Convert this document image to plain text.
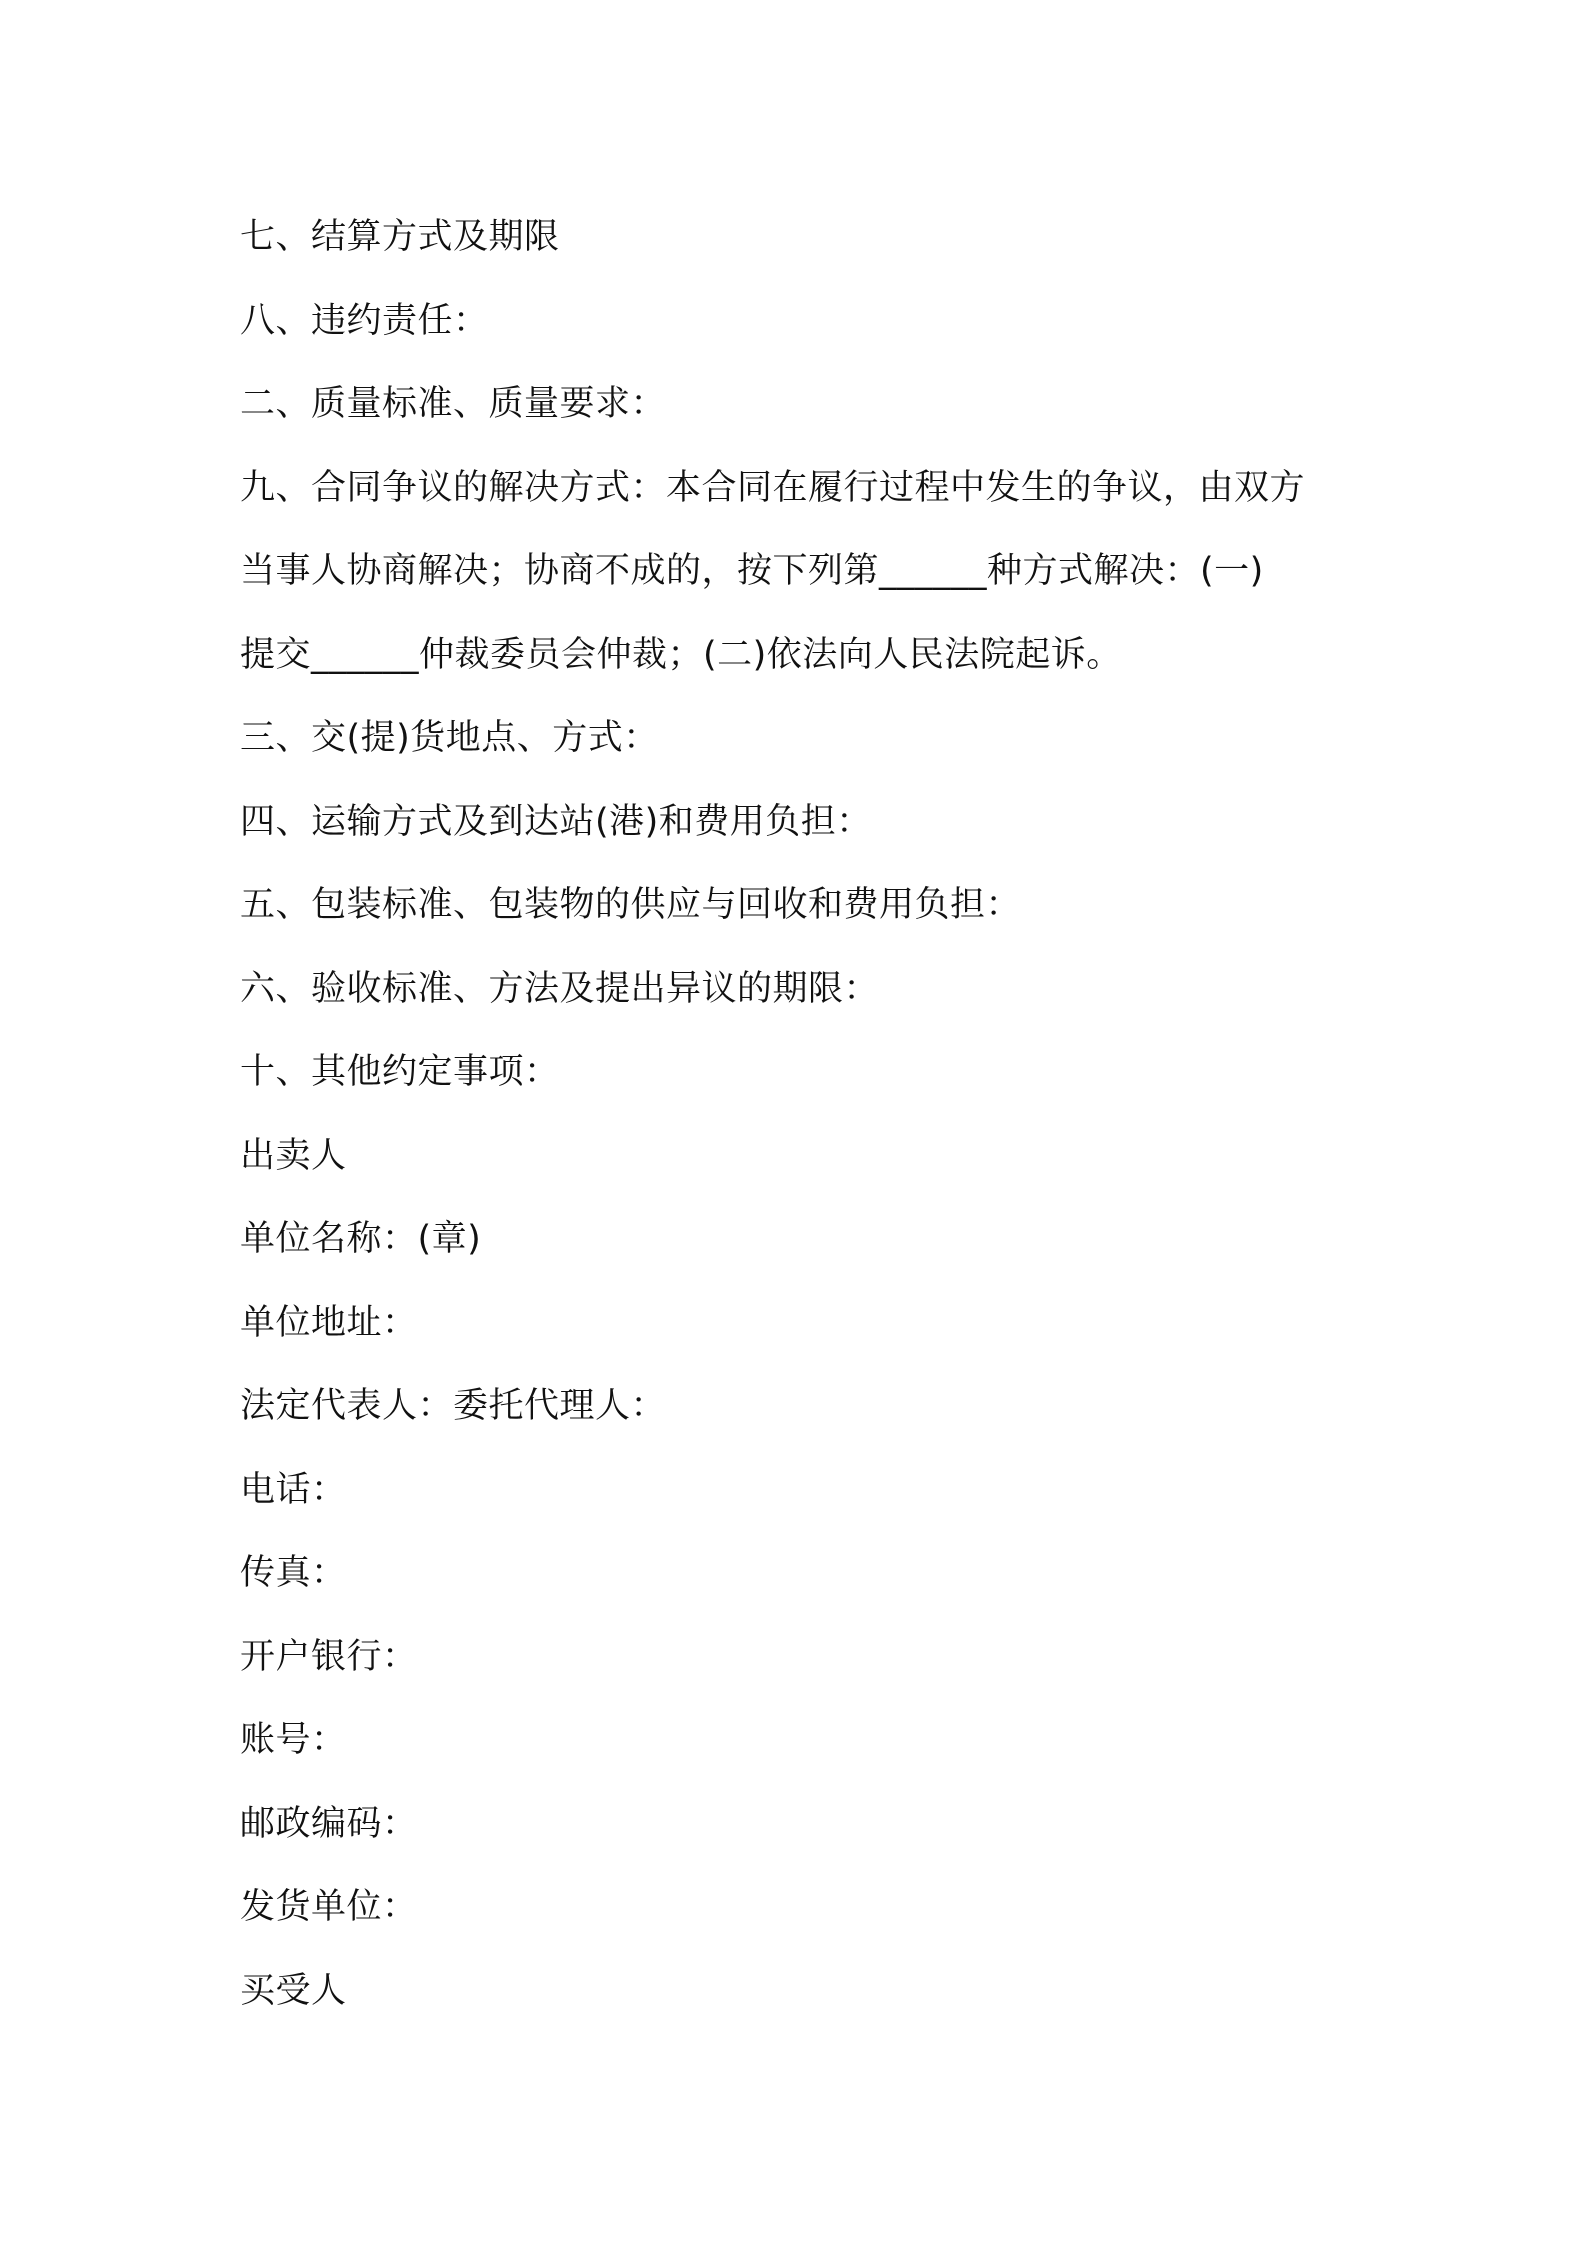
七、结算方式及期限
八、违约责任：
二、质量标准、质量要求：
九、合同争议的解决方式：本合同在履行过程中发生的争议，由双方
当事人协商解决；协商不成的，按下列第______种方式解决：(一)
提交______仲裁委员会仲裁；(二)依法向人民法院起诉。
三、交(提)货地点、方式：
四、运输方式及到达站(港)和费用负担：
五、包装标准、包装物的供应与回收和费用负担：
六、验收标准、方法及提出异议的期限：
十、其他约定事项：
出卖人
单位名称：(章)
单位地址：
法定代表人：委托代理人：
电话：
传真：
开户银行：
账号：
邮政编码：
发货单位：
买受人
